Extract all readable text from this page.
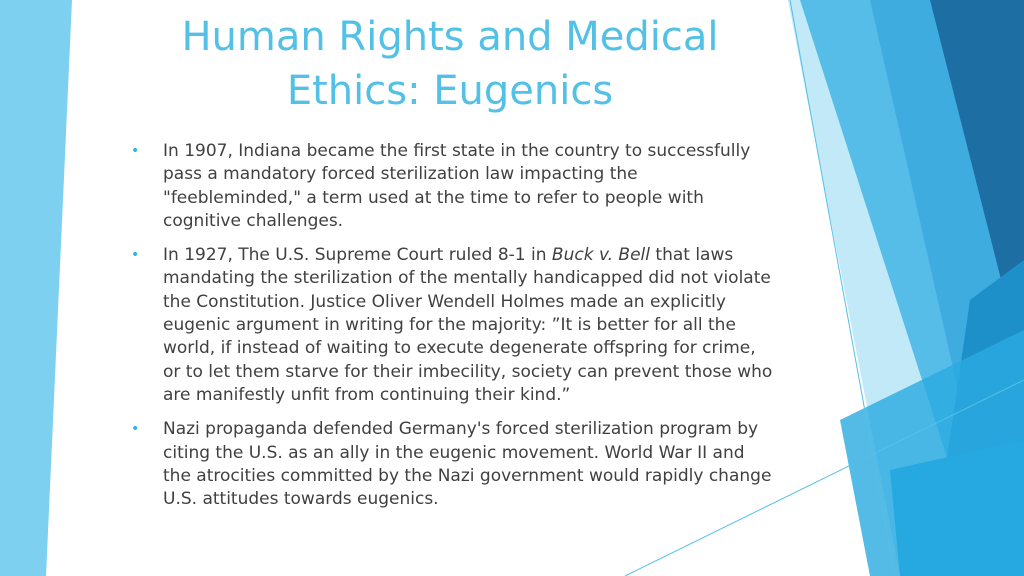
Human Rights and Medical
Ethics: Eugenics
• In 1907, Indiana became the first state in the country to successfully pass a mandatory forced sterilization law impacting the "feebleminded," a term used at the time to refer to people with cognitive challenges.
• In 1927, The U.S. Supreme Court ruled 8-1 in Buck v. Bell that laws mandating the sterilization of the mentally handicapped did not violate the Constitution. Justice Oliver Wendell Holmes made an explicitly eugenic argument in writing for the majority: ”It is better for all the world, if instead of waiting to execute degenerate offspring for crime, or to let them starve for their imbecility, society can prevent those who are manifestly unfit from continuing their kind.”
• Nazi propaganda defended Germany's forced sterilization program by citing the U.S. as an ally in the eugenic movement. World War II and the atrocities committed by the Nazi government would rapidly change U.S. attitudes towards eugenics.
